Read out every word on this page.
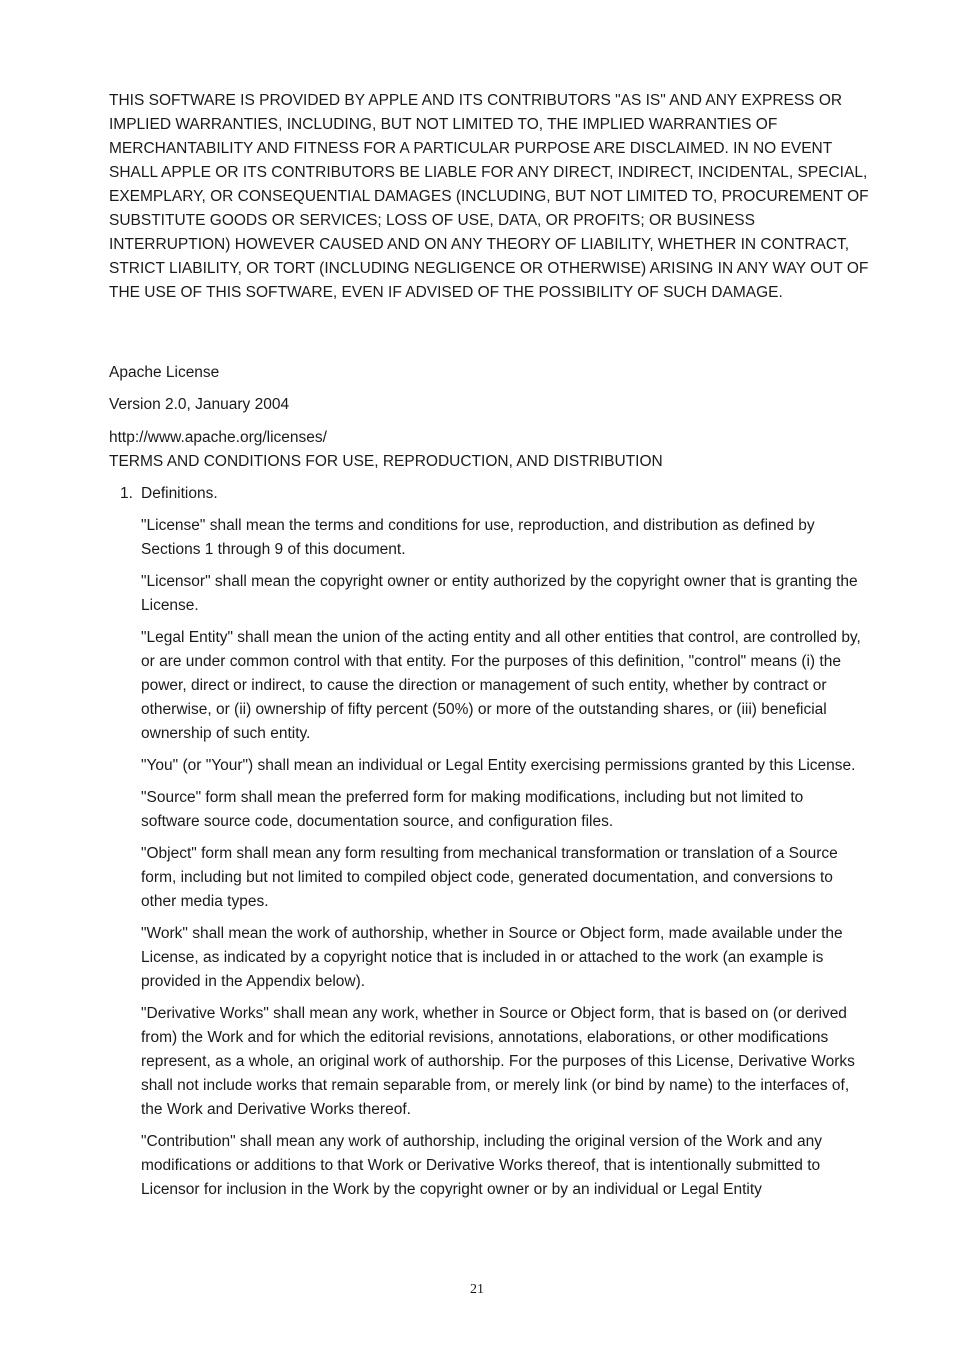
THIS SOFTWARE IS PROVIDED BY APPLE AND ITS CONTRIBUTORS "AS IS" AND ANY EXPRESS OR IMPLIED WARRANTIES, INCLUDING, BUT NOT LIMITED TO, THE IMPLIED WARRANTIES OF MERCHANTABILITY AND FITNESS FOR A PARTICULAR PURPOSE ARE DISCLAIMED. IN NO EVENT SHALL APPLE OR ITS CONTRIBUTORS BE LIABLE FOR ANY DIRECT, INDIRECT, INCIDENTAL, SPECIAL, EXEMPLARY, OR CONSEQUENTIAL DAMAGES (INCLUDING, BUT NOT LIMITED TO, PROCUREMENT OF SUBSTITUTE GOODS OR SERVICES; LOSS OF USE, DATA, OR PROFITS; OR BUSINESS INTERRUPTION) HOWEVER CAUSED AND ON ANY THEORY OF LIABILITY, WHETHER IN CONTRACT, STRICT LIABILITY, OR TORT (INCLUDING NEGLIGENCE OR OTHERWISE) ARISING IN ANY WAY OUT OF THE USE OF THIS SOFTWARE, EVEN IF ADVISED OF THE POSSIBILITY OF SUCH DAMAGE.

Apache License

Version 2.0, January 2004

http://www.apache.org/licenses/

TERMS AND CONDITIONS FOR USE, REPRODUCTION, AND DISTRIBUTION

1. Definitions.

"License" shall mean the terms and conditions for use, reproduction, and distribution as defined by Sections 1 through 9 of this document.

"Licensor" shall mean the copyright owner or entity authorized by the copyright owner that is granting the License.

"Legal Entity" shall mean the union of the acting entity and all other entities that control, are controlled by, or are under common control with that entity. For the purposes of this definition, "control" means (i) the power, direct or indirect, to cause the direction or management of such entity, whether by contract or otherwise, or (ii) ownership of fifty percent (50%) or more of the outstanding shares, or (iii) beneficial ownership of such entity.

"You" (or "Your") shall mean an individual or Legal Entity exercising permissions granted by this License.

"Source" form shall mean the preferred form for making modifications, including but not limited to software source code, documentation source, and configuration files.

"Object" form shall mean any form resulting from mechanical transformation or translation of a Source form, including but not limited to compiled object code, generated documentation, and conversions to other media types.

"Work" shall mean the work of authorship, whether in Source or Object form, made available under the License, as indicated by a copyright notice that is included in or attached to the work (an example is provided in the Appendix below).

"Derivative Works" shall mean any work, whether in Source or Object form, that is based on (or derived from) the Work and for which the editorial revisions, annotations, elaborations, or other modifications represent, as a whole, an original work of authorship. For the purposes of this License, Derivative Works shall not include works that remain separable from, or merely link (or bind by name) to the interfaces of, the Work and Derivative Works thereof.

"Contribution" shall mean any work of authorship, including the original version of the Work and any modifications or additions to that Work or Derivative Works thereof, that is intentionally submitted to Licensor for inclusion in the Work by the copyright owner or by an individual or Legal Entity

21
